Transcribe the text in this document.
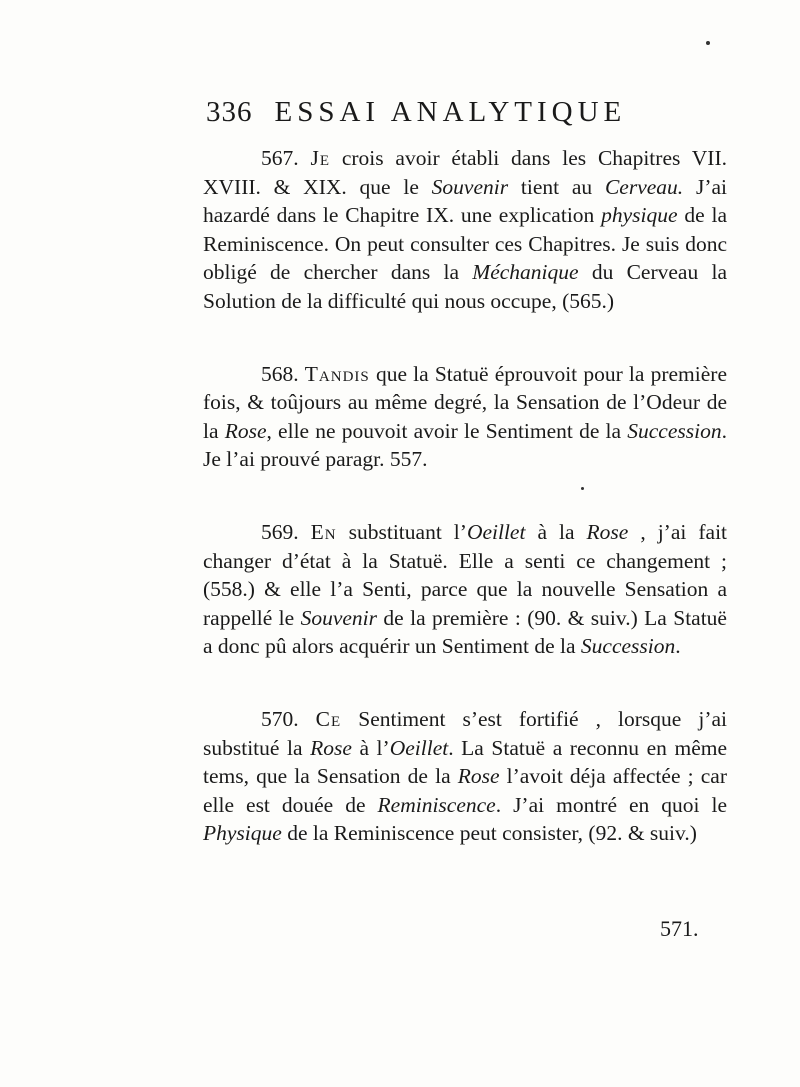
336 ESSAI ANALYTIQUE

567. Je crois avoir établi dans les Chapitres VII. XVIII. & XIX. que le Souvenir tient au Cerveau. J’ai hazardé dans le Chapitre IX. une explication physique de la Reminiscence. On peut consulter ces Chapitres. Je suis donc obligé de chercher dans la Méchanique du Cerveau la Solution de la difficulté qui nous occupe, (565.)

568. Tandis que la Statuë éprouvoit pour la première fois, & toûjours au même degré, la Sensation de l’Odeur de la Rose, elle ne pouvoit avoir le Sentiment de la Succession. Je l’ai prouvé paragr. 557.

569. En substituant l’Oeillet à la Rose , j’ai fait changer d’état à la Statuë. Elle a senti ce changement ; (558.) & elle l’a Senti, parce que la nouvelle Sensation a rappellé le Souvenir de la première : (90. & suiv.) La Statuë a donc pû alors acquérir un Sentiment de la Succession.

570. Ce Sentiment s’est fortifié , lorsque j’ai substitué la Rose à l’Oeillet. La Statuë a reconnu en même tems, que la Sensation de la Rose l’avoit déja affectée ; car elle est douée de Reminiscence. J’ai montré en quoi le Physique de la Reminiscence peut consister, (92. & suiv.)

571.
